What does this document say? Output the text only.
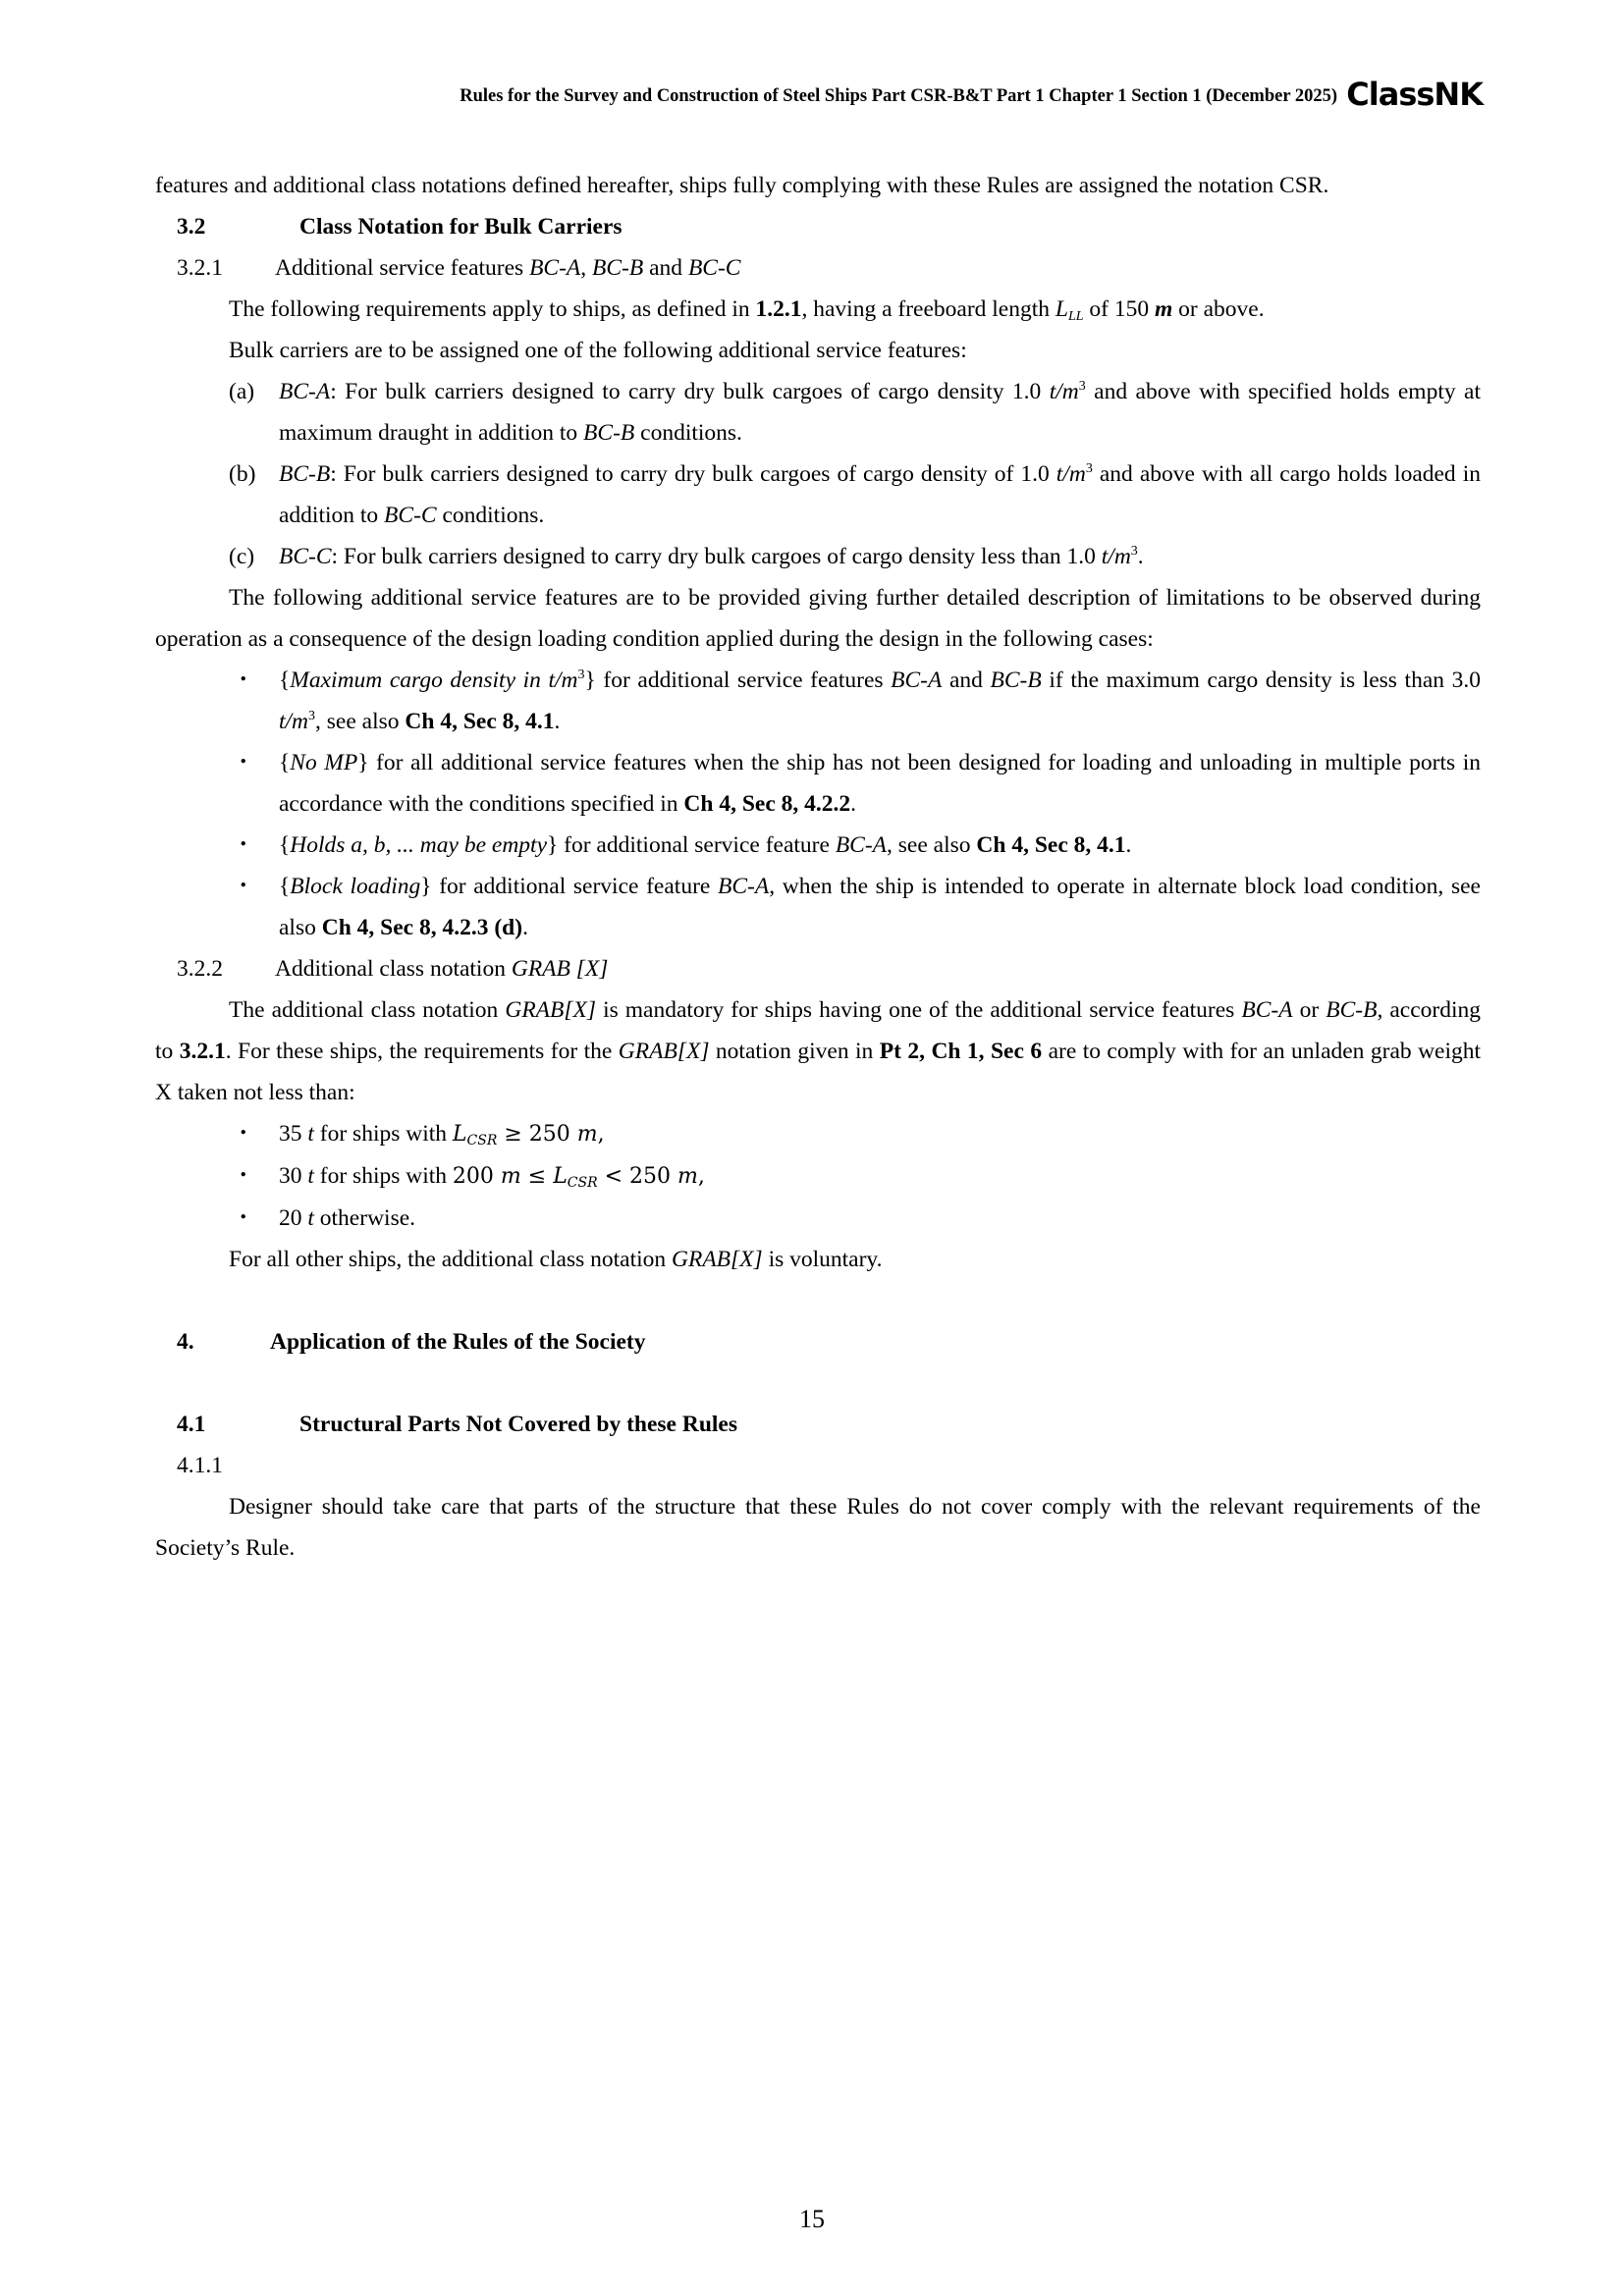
Rules for the Survey and Construction of Steel Ships Part CSR-B&T Part 1 Chapter 1 Section 1 (December 2025) ClassNK

features and additional class notations defined hereafter, ships fully complying with these Rules are assigned the notation CSR.

3.2	Class Notation for Bulk Carriers

3.2.1 Additional service features BC-A, BC-B and BC-C

The following requirements apply to ships, as defined in 1.2.1, having a freeboard length $L_{LL}$ of 150 m or above.

Bulk carriers are to be assigned one of the following additional service features:

(a) BC-A: For bulk carriers designed to carry dry bulk cargoes of cargo density 1.0 $t/m^3$ and above with specified holds empty at maximum draught in addition to BC-B conditions.
(b) BC-B: For bulk carriers designed to carry dry bulk cargoes of cargo density of 1.0 $t/m^3$ and above with all cargo holds loaded in addition to BC-C conditions.
(c) BC-C: For bulk carriers designed to carry dry bulk cargoes of cargo density less than 1.0 $t/m^3$.

The following additional service features are to be provided giving further detailed description of limitations to be observed during operation as a consequence of the design loading condition applied during the design in the following cases:

・ {Maximum cargo density in $t/m^3$} for additional service features BC-A and BC-B if the maximum cargo density is less than 3.0 $t/m^3$, see also Ch 4, Sec 8, 4.1.
・ {No MP} for all additional service features when the ship has not been designed for loading and unloading in multiple ports in accordance with the conditions specified in Ch 4, Sec 8, 4.2.2.
・ {Holds a, b, ... may be empty} for additional service feature BC-A, see also Ch 4, Sec 8, 4.1.
・ {Block loading} for additional service feature BC-A, when the ship is intended to operate in alternate block load condition, see also Ch 4, Sec 8, 4.2.3 (d).

3.2.2 Additional class notation GRAB [X]

The additional class notation GRAB[X] is mandatory for ships having one of the additional service features BC-A or BC-B, according to 3.2.1. For these ships, the requirements for the GRAB[X] notation given in Pt 2, Ch 1, Sec 6 are to comply with for an unladen grab weight X taken not less than:

・ 35 t for ships with $L_{CSR} \ge 250$ m,
・ 30 t for ships with 200 $m \le L_{CSR} < 250$ m,
・ 20 t otherwise.

For all other ships, the additional class notation GRAB[X] is voluntary.

4.	Application of the Rules of the Society

4.1	Structural Parts Not Covered by these Rules

4.1.1

Designer should take care that parts of the structure that these Rules do not cover comply with the relevant requirements of the Society’s Rule.

15
